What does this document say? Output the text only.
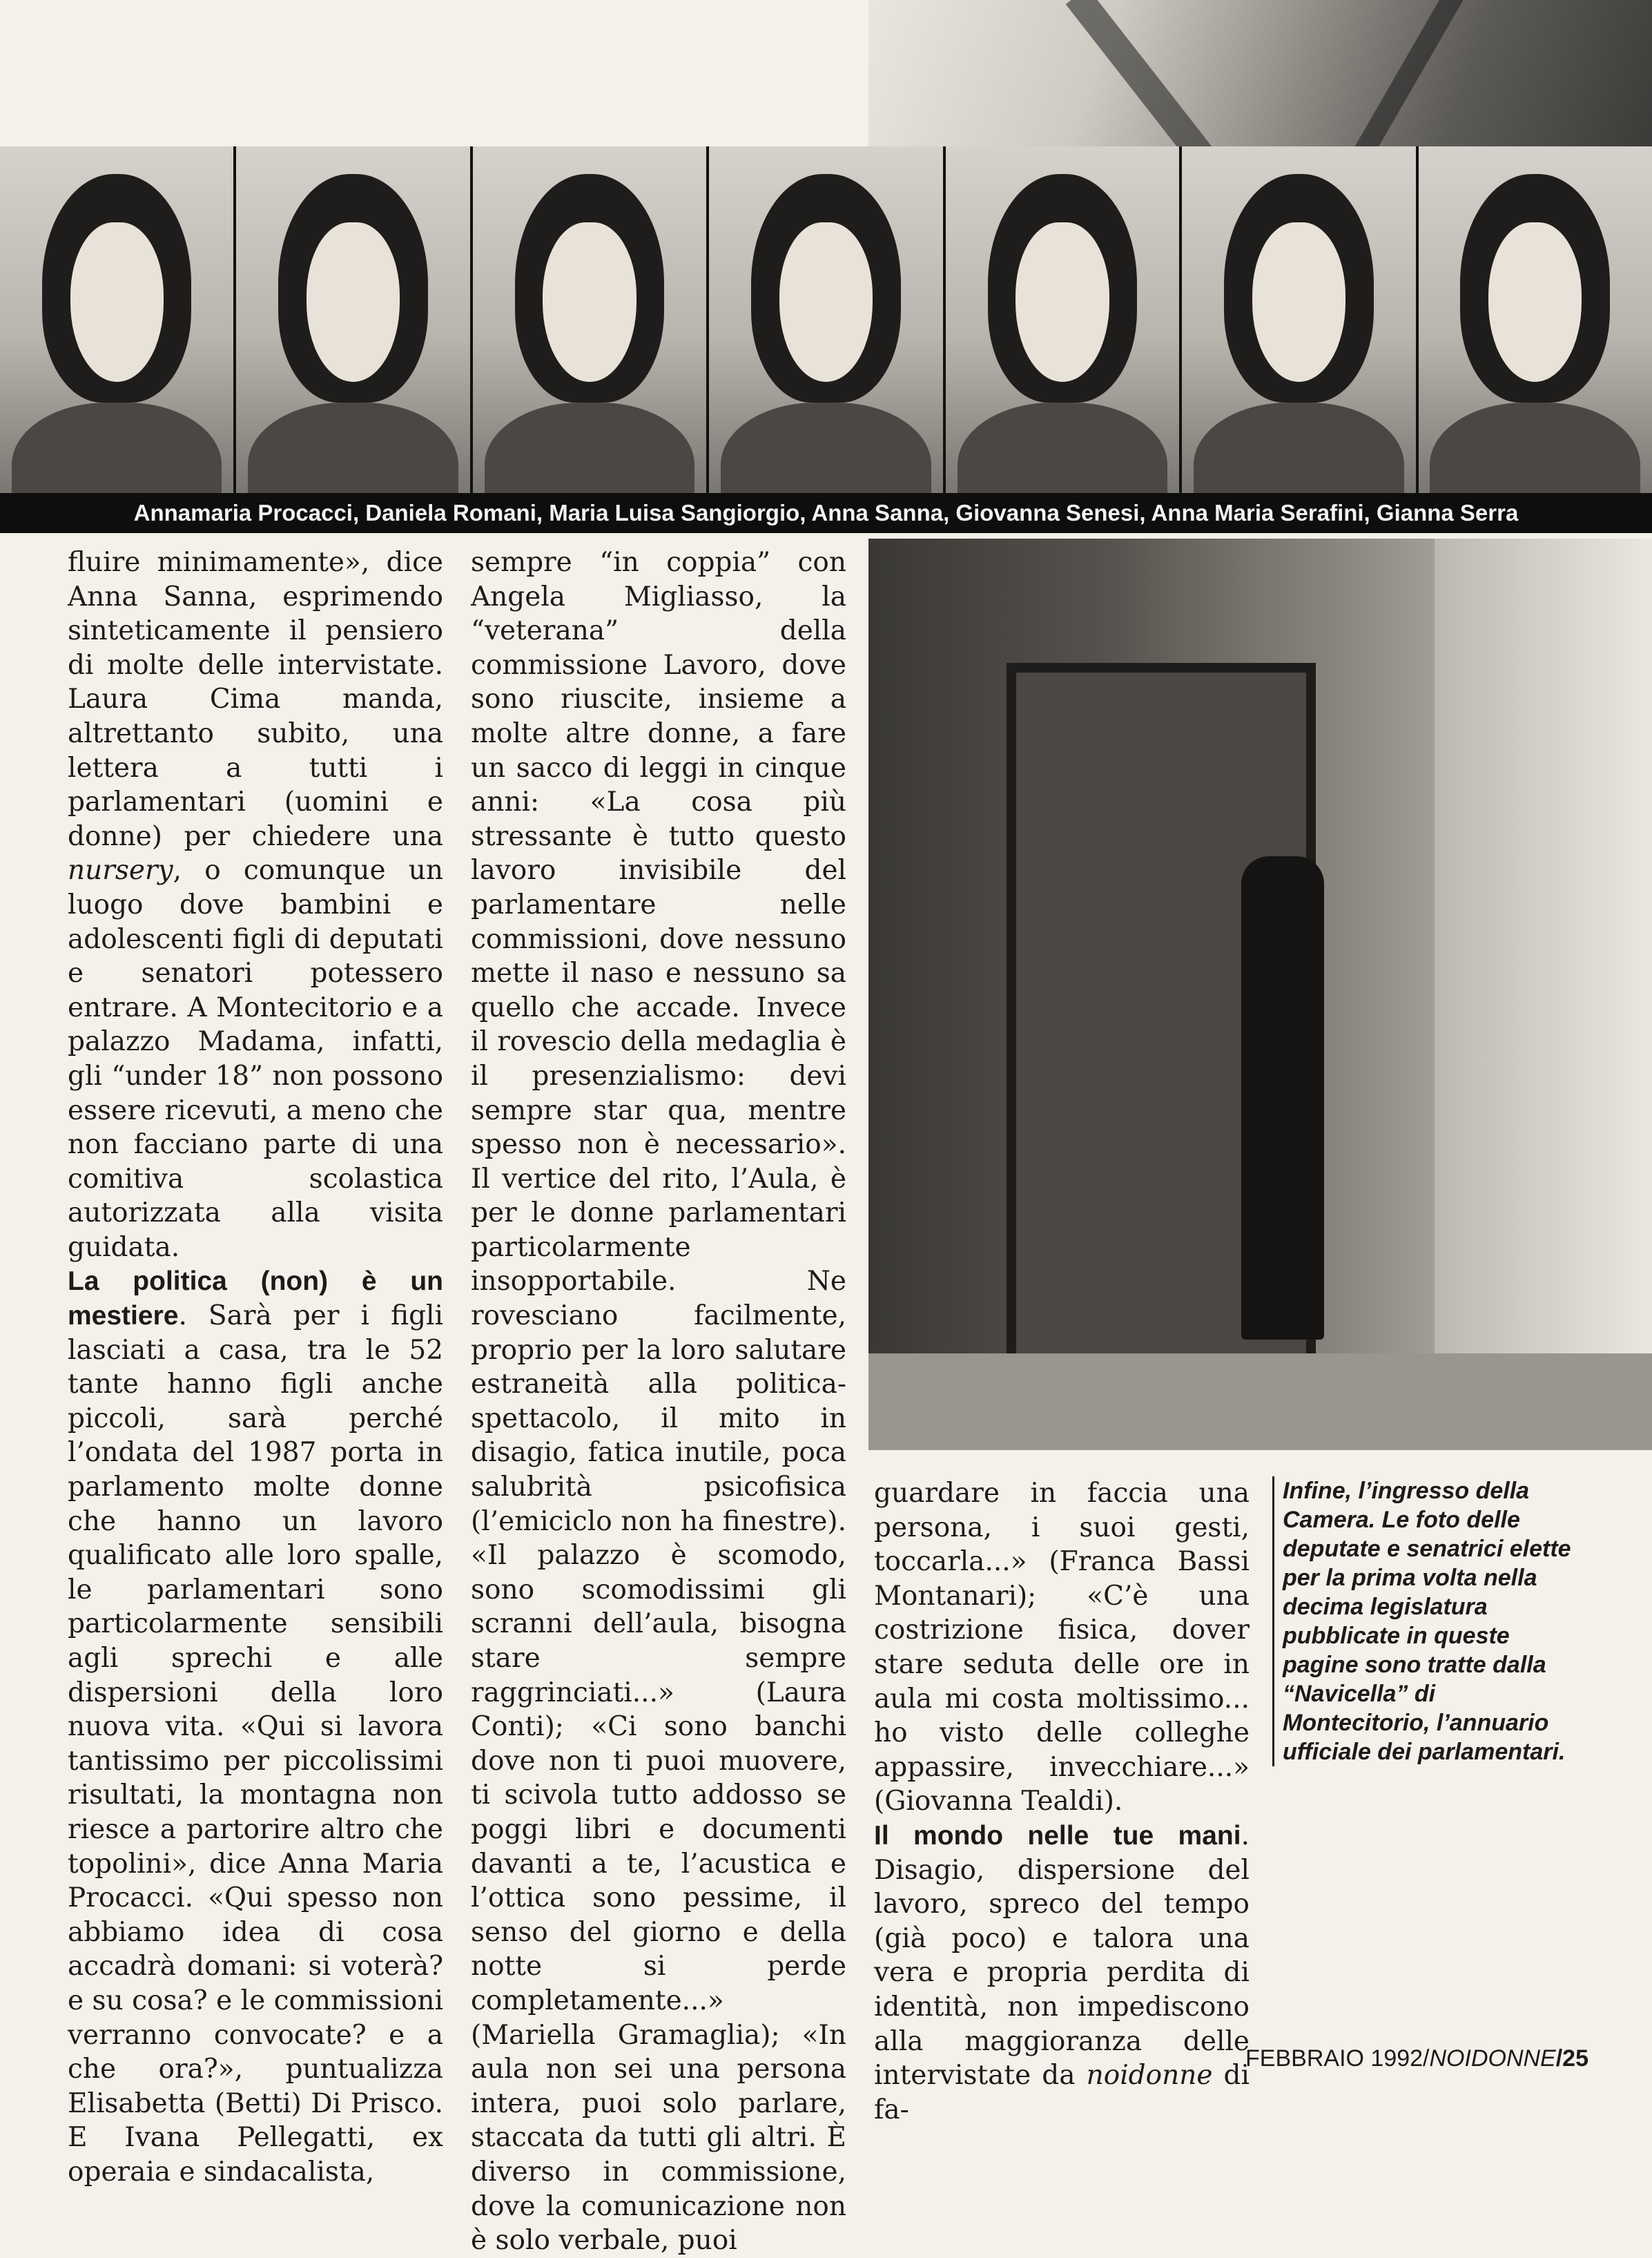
Annamaria Procacci, Daniela Romani, Maria Luisa Sangiorgio, Anna Sanna, Giovanna Senesi, Anna Maria Serafini, Gianna Serra

fluire minimamente», dice Anna Sanna, esprimendo sinteticamente il pensiero di molte delle intervistate. Laura Cima manda, altrettanto subito, una lettera a tutti i parlamentari (uomini e donne) per chiedere una nursery, o comunque un luogo dove bambini e adolescenti figli di deputati e senatori potessero entrare. A Montecitorio e a palazzo Madama, infatti, gli “under 18” non possono essere ricevuti, a meno che non facciano parte di una comitiva scolastica autorizzata alla visita guidata.

La politica (non) è un mestiere. Sarà per i figli lasciati a casa, tra le 52 tante hanno figli anche piccoli, sarà perché l’ondata del 1987 porta in parlamento molte donne che hanno un lavoro qualificato alle loro spalle, le parlamentari sono particolarmente sensibili agli sprechi e alle dispersioni della loro nuova vita. «Qui si lavora tantissimo per piccolissimi risultati, la montagna non riesce a partorire altro che topolini», dice Anna Maria Procacci. «Qui spesso non abbiamo idea di cosa accadrà domani: si voterà? e su cosa? e le commissioni verranno convocate? e a che ora?», puntualizza Elisabetta (Betti) Di Prisco. E Ivana Pellegatti, ex operaia e sindacalista,

sempre “in coppia” con Angela Migliasso, la “veterana” della commissione Lavoro, dove sono riuscite, insieme a molte altre donne, a fare un sacco di leggi in cinque anni: «La cosa più stressante è tutto questo lavoro invisibile del parlamentare nelle commissioni, dove nessuno mette il naso e nessuno sa quello che accade. Invece il rovescio della medaglia è il presenzialismo: devi sempre star qua, mentre spesso non è necessario». Il vertice del rito, l’Aula, è per le donne parlamentari particolarmente insopportabile. Ne rovesciano facilmente, proprio per la loro salutare estraneità alla politica-spettacolo, il mito in disagio, fatica inutile, poca salubrità psicofisica (l’emiciclo non ha finestre). «Il palazzo è scomodo, sono scomodissimi gli scranni dell’aula, bisogna stare sempre raggrinciati...» (Laura Conti); «Ci sono banchi dove non ti puoi muovere, ti scivola tutto addosso se poggi libri e documenti davanti a te, l’acustica e l’ottica sono pessime, il senso del giorno e della notte si perde completamente...» (Mariella Gramaglia); «In aula non sei una persona intera, puoi solo parlare, staccata da tutti gli altri. È diverso in commissione, dove la comunicazione non è solo verbale, puoi

guardare in faccia una persona, i suoi gesti, toccarla...» (Franca Bassi Montanari); «C’è una costrizione fisica, dover stare seduta delle ore in aula mi costa moltissimo... ho visto delle colleghe appassire, invecchiare...» (Giovanna Tealdi).

Il mondo nelle tue mani. Disagio, dispersione del lavoro, spreco del tempo (già poco) e talora una vera e propria perdita di identità, non impediscono alla maggioranza delle intervistate da noidonne di fa-

Infine, l’ingresso della Camera. Le foto delle deputate e senatrici elette per la prima volta nella decima legislatura pubblicate in queste pagine sono tratte dalla “Navicella” di Montecitorio, l’annuario ufficiale dei parlamentari.
FEBBRAIO 1992/NOIDONNE/25
